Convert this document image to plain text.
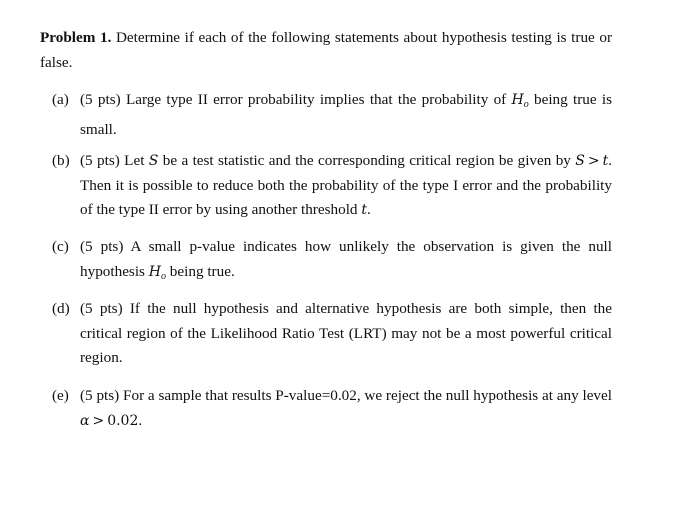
Problem 1. Determine if each of the following statements about hypothesis testing is true or false.
(a) (5 pts) Large type II error probability implies that the probability of $H_o$ being true is small.
(b) (5 pts) Let S be a test statistic and the corresponding critical region be given by S > t. Then it is possible to reduce both the probability of the type I error and the probability of the type II error by using another threshold t.
(c) (5 pts) A small p-value indicates how unlikely the observation is given the null hypothesis $H_o$ being true.
(d) (5 pts) If the null hypothesis and alternative hypothesis are both simple, then the critical region of the Likelihood Ratio Test (LRT) may not be a most powerful critical region.
(e) (5 pts) For a sample that results P-value=0.02, we reject the null hypothesis at any level α > 0.02.
